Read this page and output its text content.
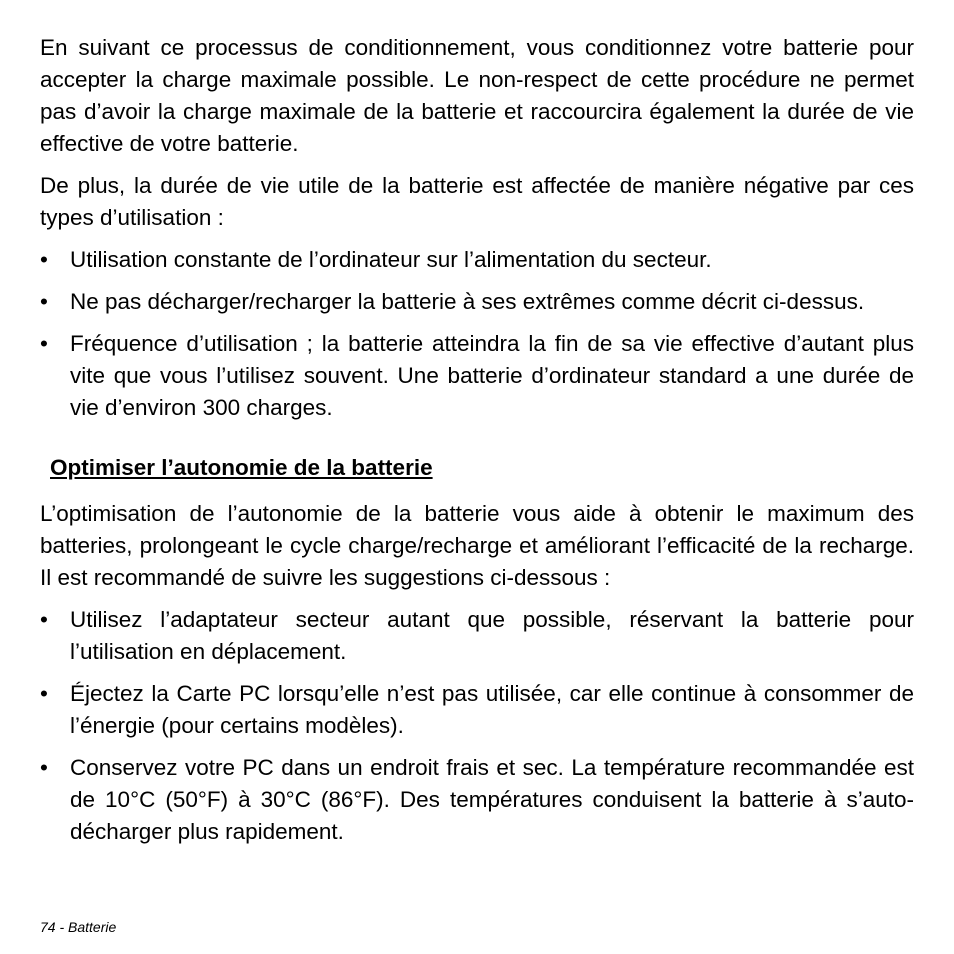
En suivant ce processus de conditionnement, vous conditionnez votre batterie pour accepter la charge maximale possible. Le non-respect de cette procédure ne permet pas d’avoir la charge maximale de la batterie et raccourcira également la durée de vie effective de votre batterie.

De plus, la durée de vie utile de la batterie est affectée de manière négative par ces types d’utilisation :

• Utilisation constante de l’ordinateur sur l’alimentation du secteur.
• Ne pas décharger/recharger la batterie à ses extrêmes comme décrit ci-dessus.
• Fréquence d’utilisation ; la batterie atteindra la fin de sa vie effective d’autant plus vite que vous l’utilisez souvent. Une batterie d’ordinateur standard a une durée de vie d’environ 300 charges.
Optimiser l’autonomie de la batterie

L’optimisation de l’autonomie de la batterie vous aide à obtenir le maximum des batteries, prolongeant le cycle charge/recharge et améliorant l’efficacité de la recharge. Il est recommandé de suivre les suggestions ci-dessous :

• Utilisez l’adaptateur secteur autant que possible, réservant la batterie pour l’utilisation en déplacement.
• Éjectez la Carte PC lorsqu’elle n’est pas utilisée, car elle continue à consommer de l’énergie (pour certains modèles).
• Conservez votre PC dans un endroit frais et sec. La température recommandée est de 10°C (50°F) à 30°C (86°F). Des températures conduisent la batterie à s’auto-décharger plus rapidement.
74 - Batterie
